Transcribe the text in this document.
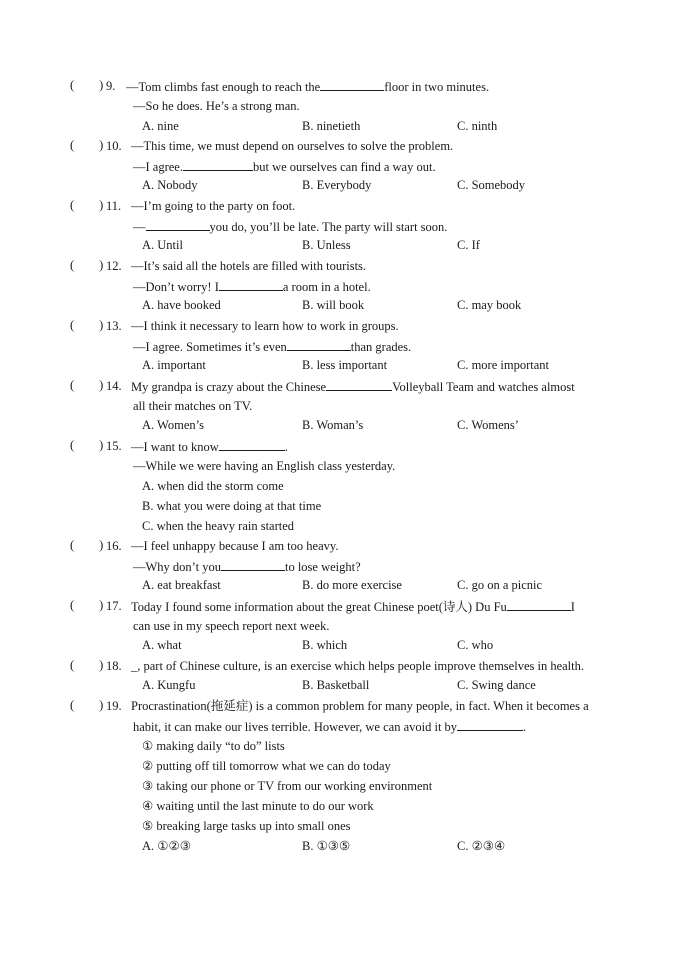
(        ) 9. —Tom climbs fast enough to reach the	floor in two minutes.
—So he does. He’s a strong man.
A. nine	B. ninetieth	C. ninth
(        ) 10. —This time, we must depend on ourselves to solve the problem.
—I agree.	but we ourselves can find a way out.
A. Nobody	B. Everybody	C. Somebody
(        ) 11. —I’m going to the party on foot.
—	you do, you’ll be late. The party will start soon.
A. Until	B. Unless	C. If
(        ) 12. —It’s said all the hotels are filled with tourists.
—Don’t worry! I	a room in a hotel.
A. have booked	B. will book	C. may book
(        ) 13. —I think it necessary to learn how to work in groups.
—I agree. Sometimes it’s even	than grades.
A. important	B. less important	C. more important
(        ) 14. My grandpa is crazy about the Chinese	Volleyball Team and watches almost
all their matches on TV.
A. Women’s	B. Woman’s	C. Womens’
(        ) 15. —I want to know	.
—While we were having an English class yesterday.
A. when did the storm come
B. what you were doing at that time
C. when the heavy rain started
(        ) 16. —I feel unhappy because I am too heavy.
—Why don’t you	to lose weight?
A. eat breakfast	B. do more exercise	C. go on a picnic
(        ) 17. Today I found some information about the great Chinese poet(诗人) Du Fu	I
can use in my speech report next week.
A. what	B. which	C. who
(        ) 18. _, part of Chinese culture, is an exercise which helps people improve themselves in health.
A. Kungfu	B. Basketball	C. Swing dance
(        ) 19. Procrastination(拖延症) is a common problem for many people, in fact. When it becomes a
habit, it can make our lives terrible. However, we can avoid it by	.
① making daily “to do” lists
② putting off till tomorrow what we can do today
③ taking our phone or TV from our working environment
④ waiting until the last minute to do our work
⑤ breaking large tasks up into small ones
A. ①②③	B. ①③⑤	C. ②③④
